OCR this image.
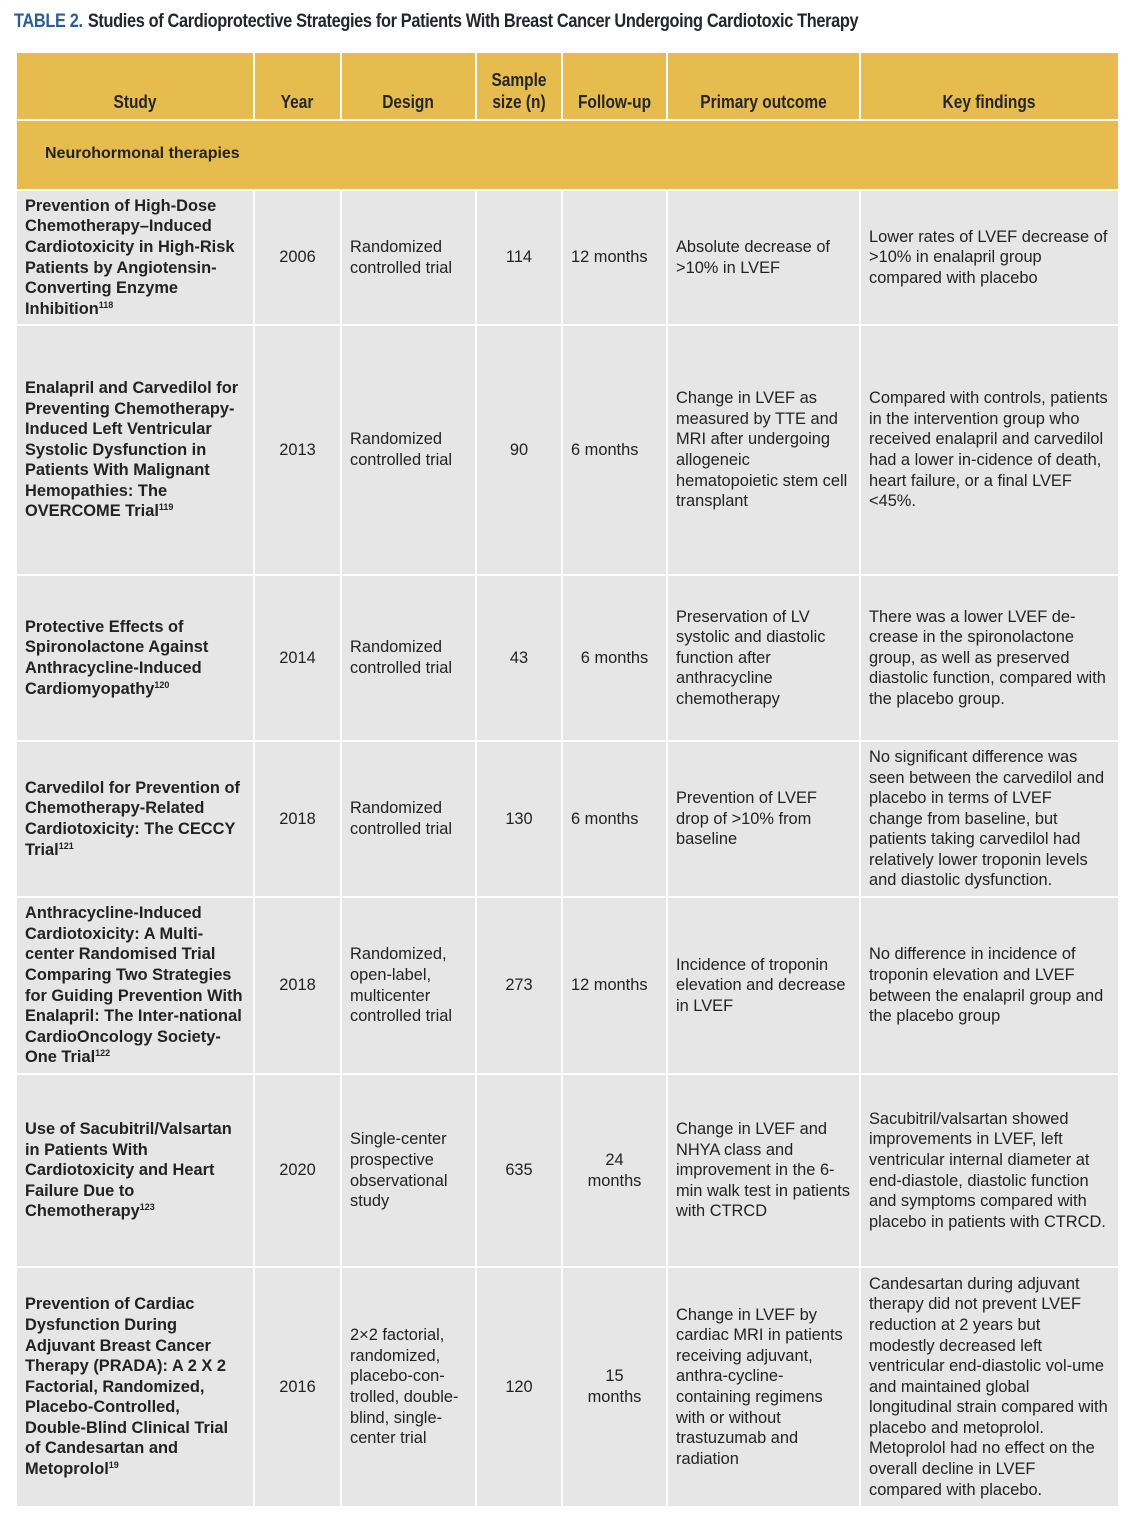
TABLE 2. Studies of Cardioprotective Strategies for Patients With Breast Cancer Undergoing Cardiotoxic Therapy
Study	Year	Design	Sample size (n)	Follow-up	Primary outcome	Key findings
Neurohormonal therapies						
Prevention of High-Dose Chemotherapy–Induced Cardiotoxicity in High-Risk Patients by Angiotensin-Converting Enzyme Inhibition$^{118}$	2006	Randomized controlled trial	114	12 months	Absolute decrease of >10% in LVEF	Lower rates of LVEF decrease of >10% in enalapril group compared with placebo
Enalapril and Carvedilol for Preventing Chemotherapy-Induced Left Ventricular Systolic Dysfunction in Patients With Malignant Hemopathies: The OVERCOME Trial$^{119}$	2013	Randomized controlled trial	90	6 months	Change in LVEF as measured by TTE and MRI after undergoing allogeneic hematopoietic stem cell transplant	Compared with controls, patients in the intervention group who received enalapril and carvedilol had a lower in-cidence of death, heart failure, or a final LVEF <45%.
Protective Effects of Spironolactone Against Anthracycline-Induced Cardiomyopathy$^{120}$	2014	Randomized controlled trial	43	6 months	Preservation of LV systolic and diastolic function after anthracycline chemotherapy	There was a lower LVEF de-crease in the spironolactone group, as well as preserved diastolic function, compared with the placebo group.
Carvedilol for Prevention of Chemotherapy-Related Cardiotoxicity: The CECCY Trial$^{121}$	2018	Randomized controlled trial	130	6 months	Prevention of LVEF drop of >10% from baseline	No significant difference was seen between the carvedilol and placebo in terms of LVEF change from baseline, but patients taking carvedilol had relatively lower troponin levels and diastolic dysfunction.
Anthracycline-Induced Cardiotoxicity: A Multi-center Randomised Trial Comparing Two Strategies for Guiding Prevention With Enalapril: The Inter-national CardioOncology Society-One Trial$^{122}$	2018	Randomized, open-label, multicenter controlled trial	273	12 months	Incidence of troponin elevation and decrease in LVEF	No difference in incidence of troponin elevation and LVEF between the enalapril group and the placebo group
Use of Sacubitril/Valsartan in Patients With Cardiotoxicity and Heart Failure Due to Chemotherapy$^{123}$	2020	Single-center prospective observational study	635	24 months	Change in LVEF and NHYA class and improvement in the 6-min walk test in patients with CTRCD	Sacubitril/valsartan showed improvements in LVEF, left ventricular internal diameter at end-diastole, diastolic function and symptoms compared with placebo in patients with CTRCD.
Prevention of Cardiac Dysfunction During Adjuvant Breast Cancer Therapy (PRADA): A 2 X 2 Factorial, Randomized, Placebo-Controlled, Double-Blind Clinical Trial of Candesartan and Metoprolol$^{19}$	2016	2×2 factorial, randomized, placebo-con-trolled, double-blind, single-center trial	120	15 months	Change in LVEF by cardiac MRI in patients receiving adjuvant, anthra-cycline-containing regimens with or without trastuzumab and radiation	Candesartan during adjuvant therapy did not prevent LVEF reduction at 2 years but modestly decreased left ventricular end-diastolic vol-ume and maintained global longitudinal strain compared with placebo and metoprolol. Metoprolol had no effect on the overall decline in LVEF compared with placebo.
